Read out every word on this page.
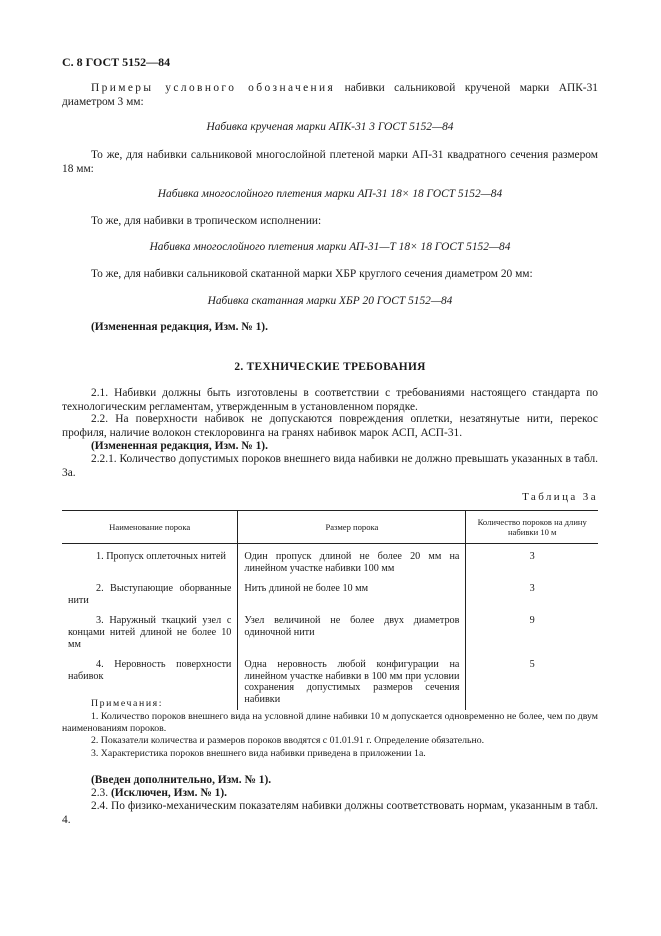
С. 8 ГОСТ 5152—84
Примеры условного обозначения набивки сальниковой крученой марки АПК-31 диаметром 3 мм:
Набивка крученая марки АПК-31 3 ГОСТ 5152—84
То же, для набивки сальниковой многослойной плетеной марки АП-31 квадратного сечения размером 18 мм:
Набивка многослойного плетения марки АП-31 18× 18 ГОСТ 5152—84
То же, для набивки в тропическом исполнении:
Набивка многослойного плетения марки АП-31—Т 18× 18 ГОСТ 5152—84
То же, для набивки сальниковой скатанной марки ХБР круглого сечения диаметром 20 мм:
Набивка скатанная марки ХБР 20 ГОСТ 5152—84
(Измененная редакция, Изм. № 1).
2. ТЕХНИЧЕСКИЕ ТРЕБОВАНИЯ
2.1. Набивки должны быть изготовлены в соответствии с требованиями настоящего стандарта по технологическим регламентам, утвержденным в установленном порядке.
2.2. На поверхности набивок не допускаются повреждения оплетки, незатянутые нити, перекос профиля, наличие волокон стеклоровинга на гранях набивок марок АСП, АСП-31.
(Измененная редакция, Изм. № 1).
2.2.1. Количество допустимых пороков внешнего вида набивки не должно превышать указанных в табл. 3а.
Таблица 3а
Наименование порока	Размер порока	Количество пороков на длину набивки 10 м

1. Пропуск оплеточных нитей	Один пропуск длиной не более 20 мм на линейном участке набивки 100 мм	3

2. Выступающие оборванные нити	Нить длиной не более 10 мм	3

3. Наружный ткацкий узел с концами нитей длиной не более 10 мм	Узел величиной не более двух диаметров одиночной нити	9

4. Неровность поверхности набивок	Одна неровность любой конфигурации на линейном участке набивки в 100 мм при условии сохранения допустимых размеров сечения набивки	5
Примечания:
1. Количество пороков внешнего вида на условной длине набивки 10 м допускается одновременно не более, чем по двум наименованиям пороков.
2. Показатели количества и размеров пороков вводятся с 01.01.91 г. Определение обязательно.
3. Характеристика пороков внешнего вида набивки приведена в приложении 1а.
(Введен дополнительно, Изм. № 1).
2.3. (Исключен, Изм. № 1).
2.4. По физико-механическим показателям набивки должны соответствовать нормам, указанным в табл. 4.
